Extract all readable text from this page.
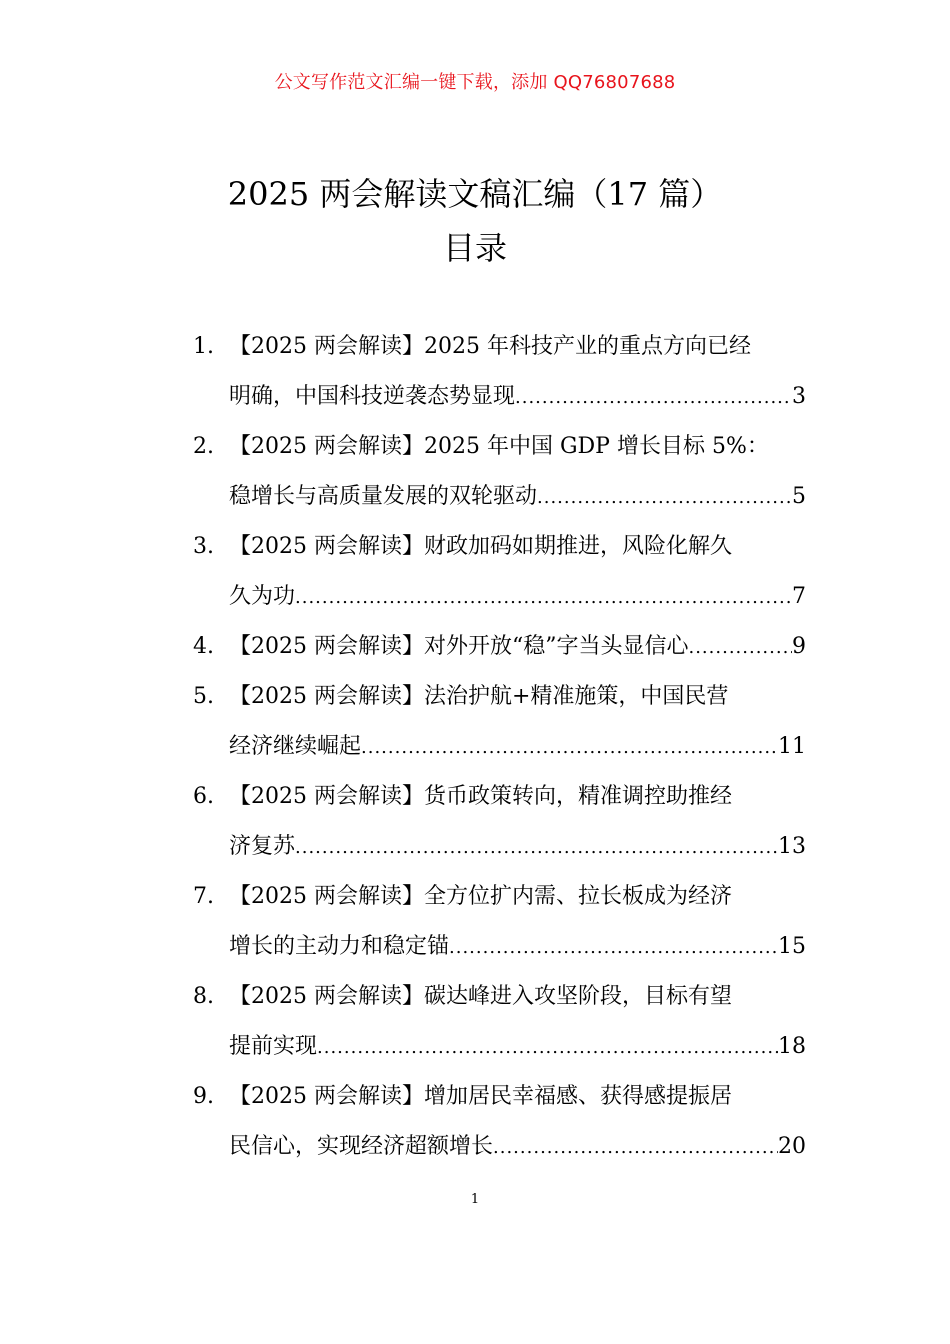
公文写作范文汇编一键下载，添加 QQ76807688
2025 两会解读文稿汇编（17 篇）
目录
1. 【2025 两会解读】2025 年科技产业的重点方向已经
明确，中国科技逆袭态势显现 .....	3
2. 【2025 两会解读】2025 年中国 GDP 增长目标 5%：
稳增长与高质量发展的双轮驱动 .....	5
3. 【2025 两会解读】财政加码如期推进，风险化解久
久为功 .....	7
4. 【2025 两会解读】对外开放“稳”字当头显信心 .....	9
5. 【2025 两会解读】法治护航+精准施策，中国民营
经济继续崛起 .....	11
6. 【2025 两会解读】货币政策转向，精准调控助推经
济复苏 .....	13
7. 【2025 两会解读】全方位扩内需、拉长板成为经济
增长的主动力和稳定锚 .....	15
8. 【2025 两会解读】碳达峰进入攻坚阶段，目标有望
提前实现 .....	18
9. 【2025 两会解读】增加居民幸福感、获得感提振居
民信心，实现经济超额增长 .....	20
1
